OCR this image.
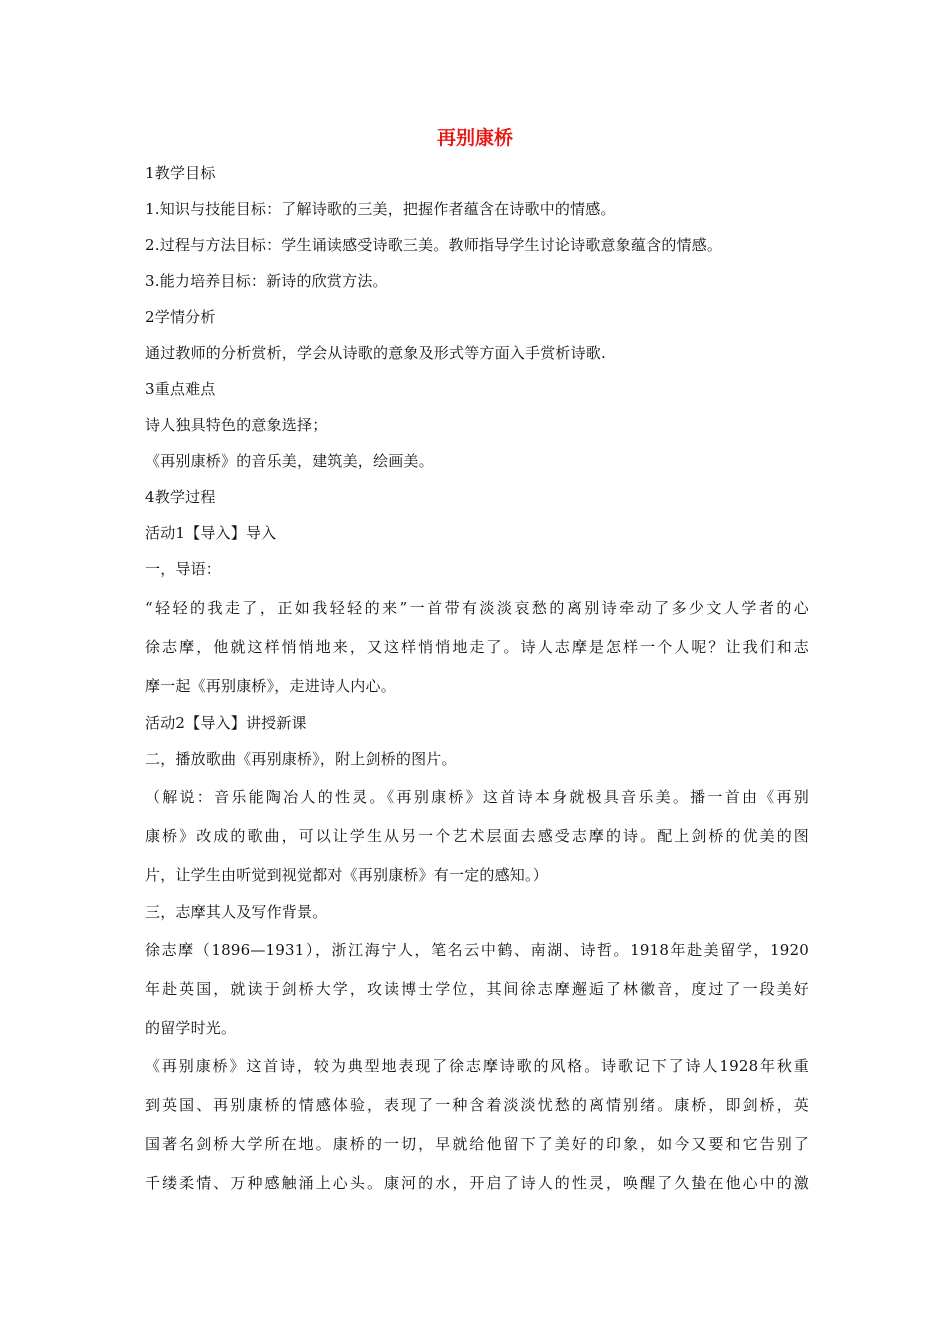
再别康桥
1教学目标
1.知识与技能目标：了解诗歌的三美，把握作者蕴含在诗歌中的情感。
2.过程与方法目标：学生诵读感受诗歌三美。教师指导学生讨论诗歌意象蕴含的情感。
3.能力培养目标：新诗的欣赏方法。
2学情分析
通过教师的分析赏析，学会从诗歌的意象及形式等方面入手赏析诗歌.
3重点难点
诗人独具特色的意象选择；
《再别康桥》的音乐美，建筑美，绘画美。
4教学过程
活动1【导入】导入
一，导语：
“轻轻的我走了，正如我轻轻的来”一首带有淡淡哀愁的离别诗牵动了多少文人学者的心
徐志摩，他就这样悄悄地来，又这样悄悄地走了。诗人志摩是怎样一个人呢？让我们和志
摩一起《再别康桥》，走进诗人内心。
活动2【导入】讲授新课
二，播放歌曲《再别康桥》，附上剑桥的图片。
（解说：音乐能陶冶人的性灵。《再别康桥》这首诗本身就极具音乐美。播一首由《再别
康桥》改成的歌曲，可以让学生从另一个艺术层面去感受志摩的诗。配上剑桥的优美的图
片，让学生由听觉到视觉都对《再别康桥》有一定的感知。）
三，志摩其人及写作背景。
徐志摩（1896—1931），浙江海宁人，笔名云中鹤、南湖、诗哲。1918年赴美留学，1920
年赴英国，就读于剑桥大学，攻读博士学位，其间徐志摩邂逅了林徽音，度过了一段美好
的留学时光。
《再别康桥》这首诗，较为典型地表现了徐志摩诗歌的风格。诗歌记下了诗人1928年秋重
到英国、再别康桥的情感体验，表现了一种含着淡淡忧愁的离情别绪。康桥，即剑桥，英
国著名剑桥大学所在地。康桥的一切，早就给他留下了美好的印象，如今又要和它告别了
千缕柔情、万种感触涌上心头。康河的水，开启了诗人的性灵，唤醒了久蛰在他心中的激
